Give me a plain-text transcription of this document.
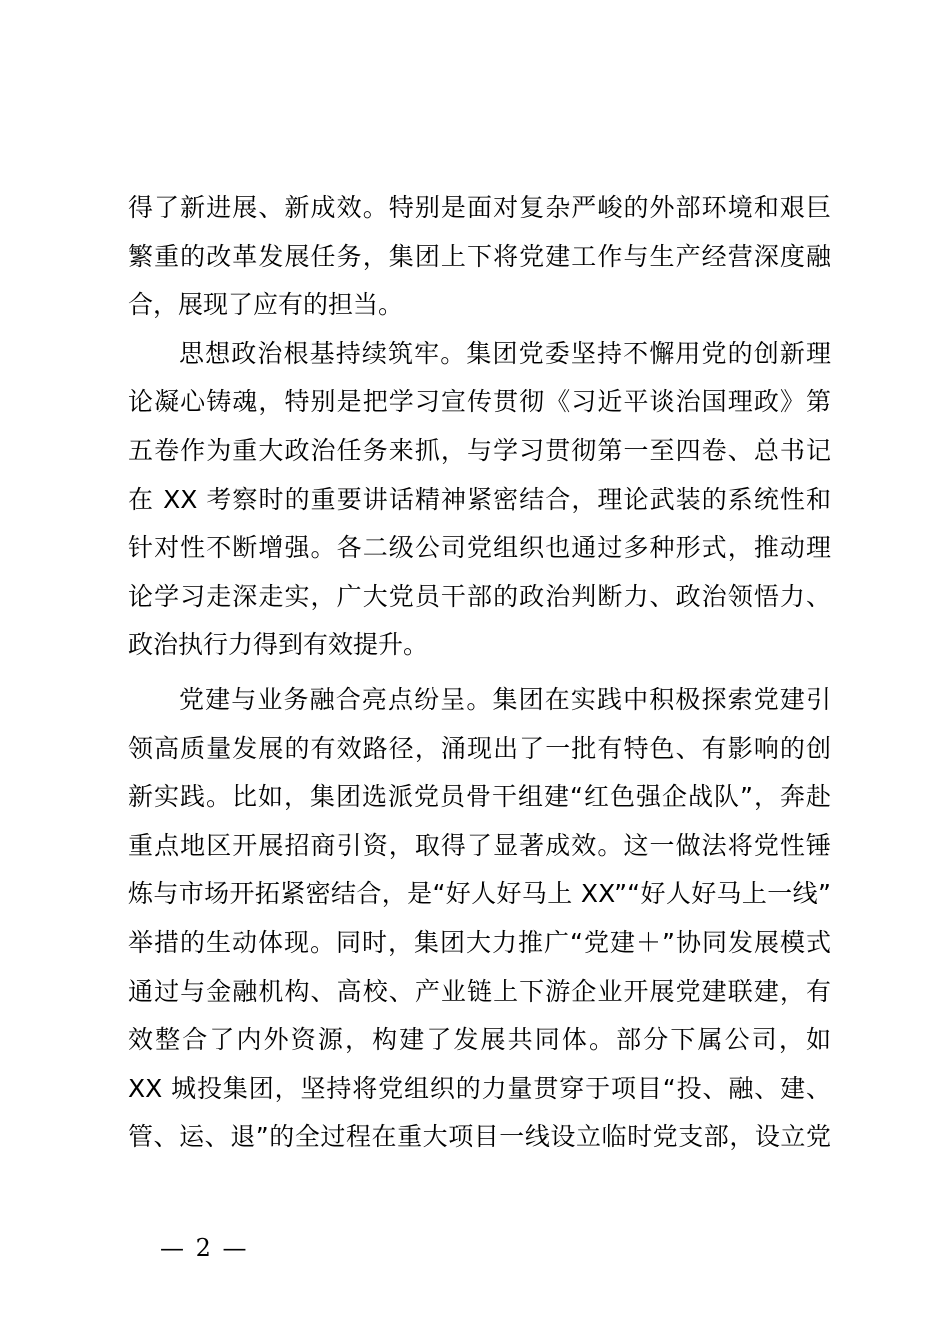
得了新进展、新成效。特别是面对复杂严峻的外部环境和艰巨
繁重的改革发展任务，集团上下将党建工作与生产经营深度融
合，展现了应有的担当。
思想政治根基持续筑牢。集团党委坚持不懈用党的创新理
论凝心铸魂，特别是把学习宣传贯彻《习近平谈治国理政》第
五卷作为重大政治任务来抓，与学习贯彻第一至四卷、总书记
在 XX 考察时的重要讲话精神紧密结合，理论武装的系统性和
针对性不断增强。各二级公司党组织也通过多种形式，推动理
论学习走深走实，广大党员干部的政治判断力、政治领悟力、
政治执行力得到有效提升。
党建与业务融合亮点纷呈。集团在实践中积极探索党建引
领高质量发展的有效路径，涌现出了一批有特色、有影响的创
新实践。比如，集团选派党员骨干组建“红色强企战队”，奔赴
重点地区开展招商引资，取得了显著成效。这一做法将党性锤
炼与市场开拓紧密结合，是“好人好马上 XX”“好人好马上一线”
举措的生动体现。同时，集团大力推广“党建＋”协同发展模式
通过与金融机构、高校、产业链上下游企业开展党建联建，有
效整合了内外资源，构建了发展共同体。部分下属公司，如
XX 城投集团，坚持将党组织的力量贯穿于项目“投、融、建、
管、运、退”的全过程在重大项目一线设立临时党支部，设立党
— 2 —
